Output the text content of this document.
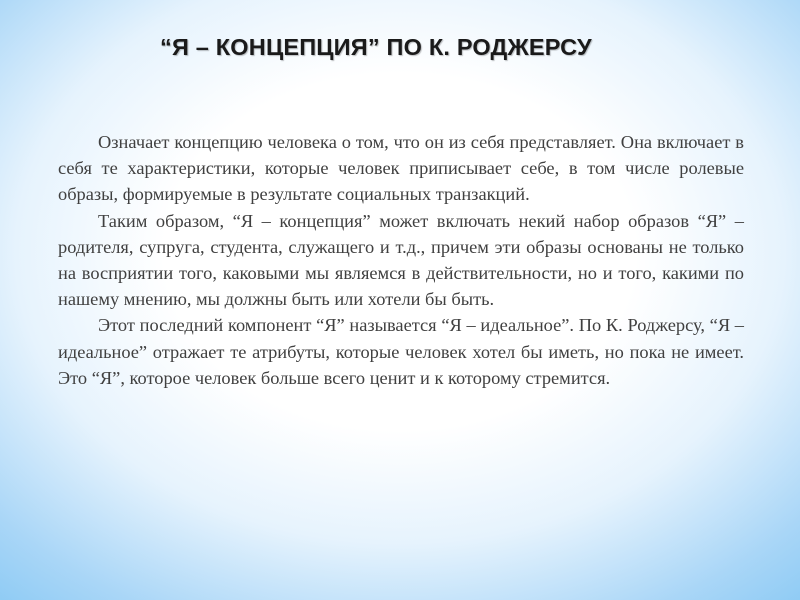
“Я – КОНЦЕПЦИЯ” ПО К. РОДЖЕРСУ

Означает концепцию человека о том, что он из себя представляет. Она включает в себя те характеристики, которые человек приписывает себе, в том числе ролевые образы, формируемые в результате социальных транзакций.

Таким образом, “Я – концепция” может включать некий набор образов “Я” – родителя, супруга, студента, служащего и т.д., причем эти образы основаны не только на восприятии того, каковыми мы являемся в действительности, но и того, какими по нашему мнению, мы должны быть или хотели бы быть.

Этот последний компонент “Я” называется “Я – идеальное”. По К. Роджерсу, “Я – идеальное” отражает те атрибуты, которые человек хотел бы иметь, но пока не имеет. Это “Я”, которое человек больше всего ценит и к которому стремится.
